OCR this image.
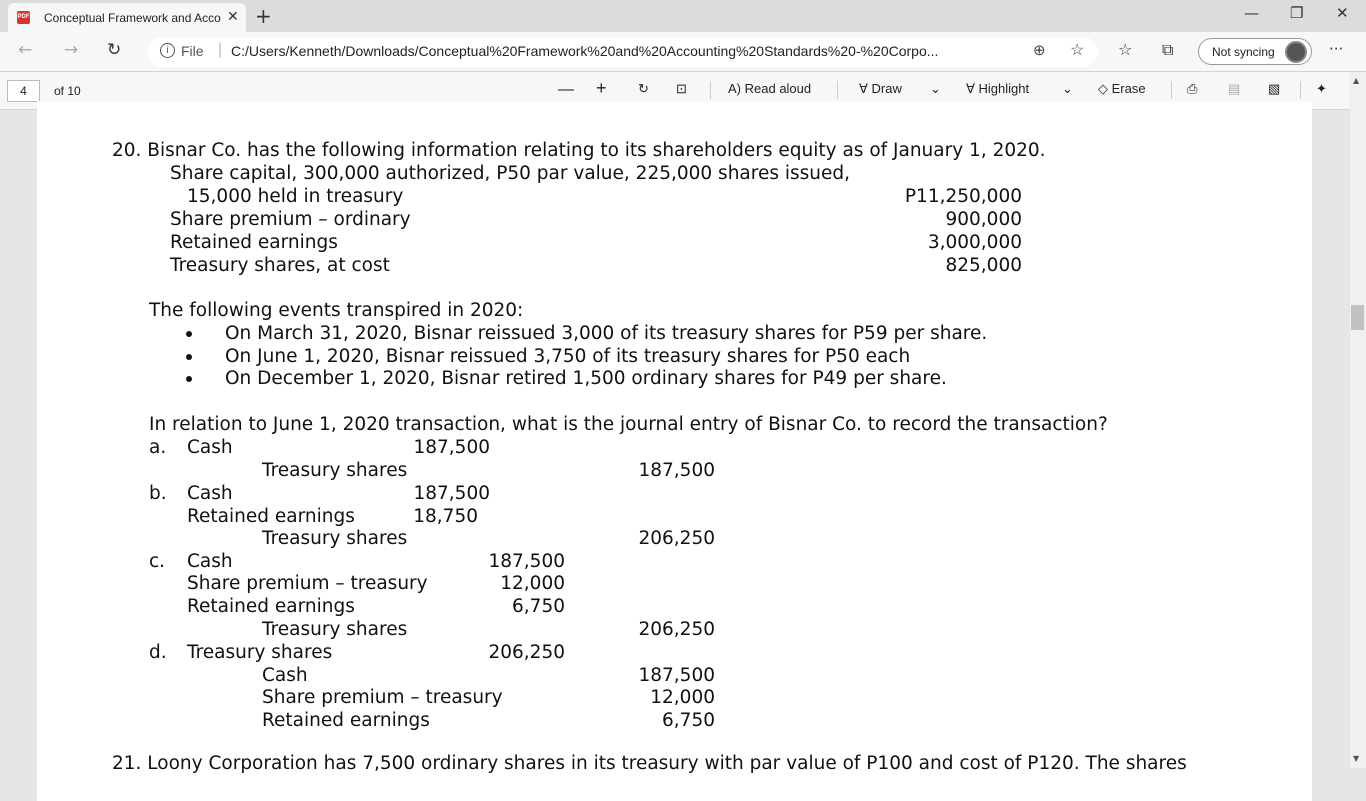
PDF Conceptual Framework and Acco ✕ +	— ❐ ✕
← → ↻	i File | C:/Users/Kenneth/Downloads/Conceptual%20Framework%20and%20Accounting%20Standards%20-%20Corpo...	⊕ ☆ ☆ ⧉	Not syncing	···
4	of 10	— + ↻ ⊡	A) Read aloud	∀ Draw ⌄ ∀ Highlight	⌄ ◇ Erase	⎙ ▤ ▧	✦
20. Bisnar Co. has the following information relating to its shareholders equity as of January 1, 2020.
Share capital, 300,000 authorized, P50 par value, 225,000 shares issued,
15,000 held in treasury	P11,250,000
Share premium – ordinary	900,000
Retained earnings	3,000,000
Treasury shares, at cost	825,000
The following events transpired in 2020:
On March 31, 2020, Bisnar reissued 3,000 of its treasury shares for P59 per share.
On June 1, 2020, Bisnar reissued 3,750 of its treasury shares for P50 each
On December 1, 2020, Bisnar retired 1,500 ordinary shares for P49 per share.
In relation to June 1, 2020 transaction, what is the journal entry of Bisnar Co. to record the transaction?
a. Cash	187,500
Treasury shares	187,500
b. Cash	187,500
Retained earnings	18,750
Treasury shares	206,250
c. Cash	187,500
Share premium – treasury	12,000
Retained earnings	6,750
Treasury shares	206,250
d. Treasury shares	206,250
Cash	187,500
Share premium – treasury	12,000
Retained earnings	6,750
21. Loony Corporation has 7,500 ordinary shares in its treasury with par value of P100 and cost of P120. The shares
▲
▼
